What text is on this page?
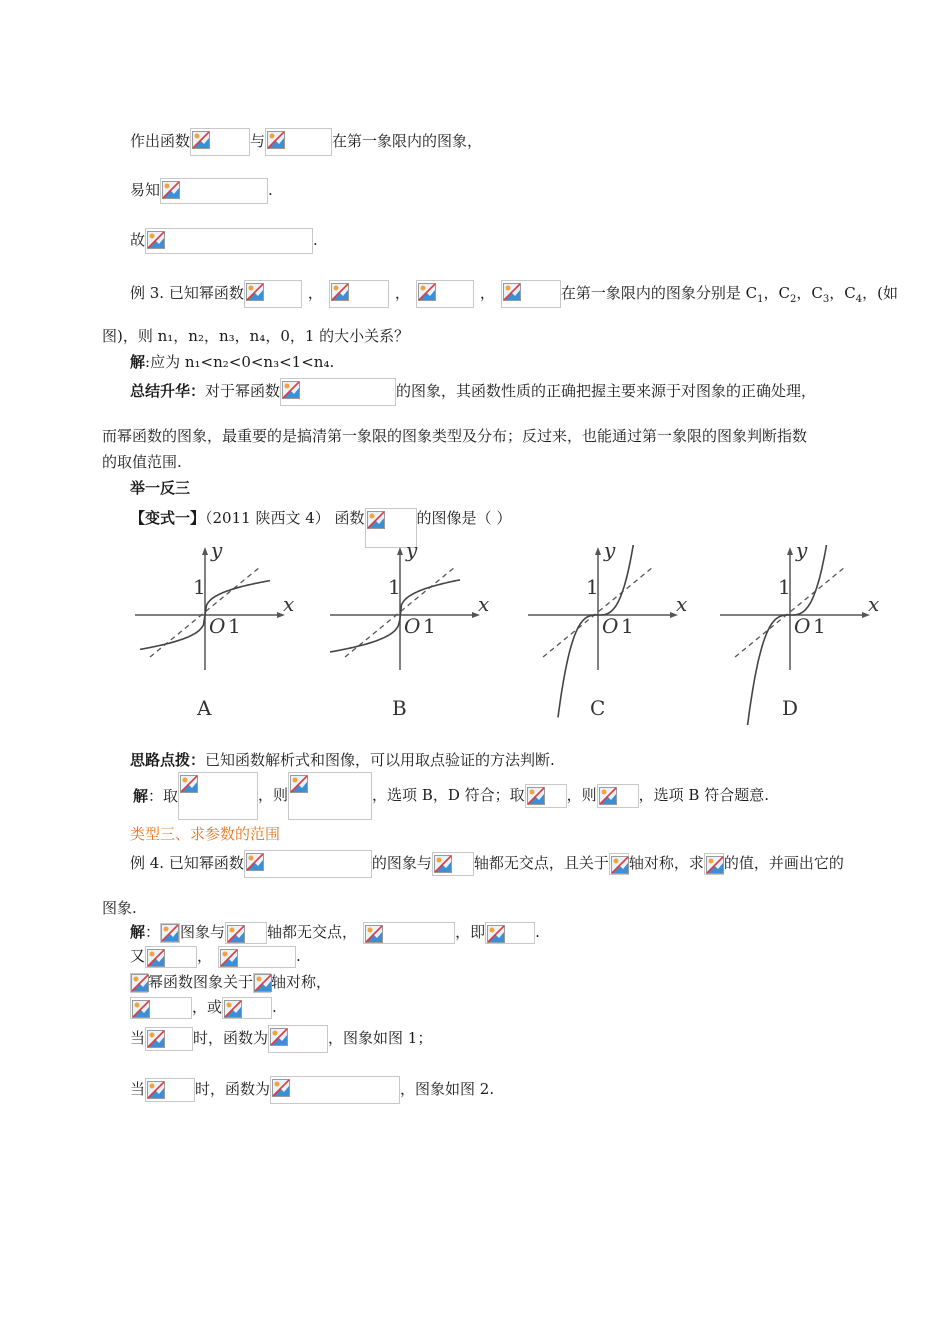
作出函数	与	在第一象限内的图象，
易知	.
故	.
例 3. 已知幂函数	，	，	，	在第一象限内的图象分别是 $C_1$，$C_2$，$C_3$，$C_4$，(如
图)，则 n₁，n₂，n₃，n₄，0，1 的大小关系？
解:应为 n₁<n₂<0<n₃<1<n₄.
总结升华：对于幂函数	的图象，其函数性质的正确把握主要来源于对图象的正确处理，
而幂函数的图象，最重要的是搞清第一象限的图象类型及分布；反过来，也能通过第一象限的图象判断指数
的取值范围.
举一反三
【变式一】（2011 陕西文 4） 函数	的图像是（ ）
y
x
O 1
1
A
y
x
O 1
1
B
y
x
O 1
1
C
y
x
O 1
1
D
思路点拨：已知函数解析式和图像，可以用取点验证的方法判断.
解：取	，则	，选项 B，D 符合；取	，则	，选项 B 符合题意.
类型三、求参数的范围
例 4. 已知幂函数	的图象与	轴都无交点，且关于 轴对称，求 的值，并画出它的
图象.
解： 图象与	轴都无交点，	，即	.
又	，	.
幂函数图象关于 轴对称，
，或	.
当	时，函数为	，图象如图 1；
当	时，函数为	，图象如图 2.
